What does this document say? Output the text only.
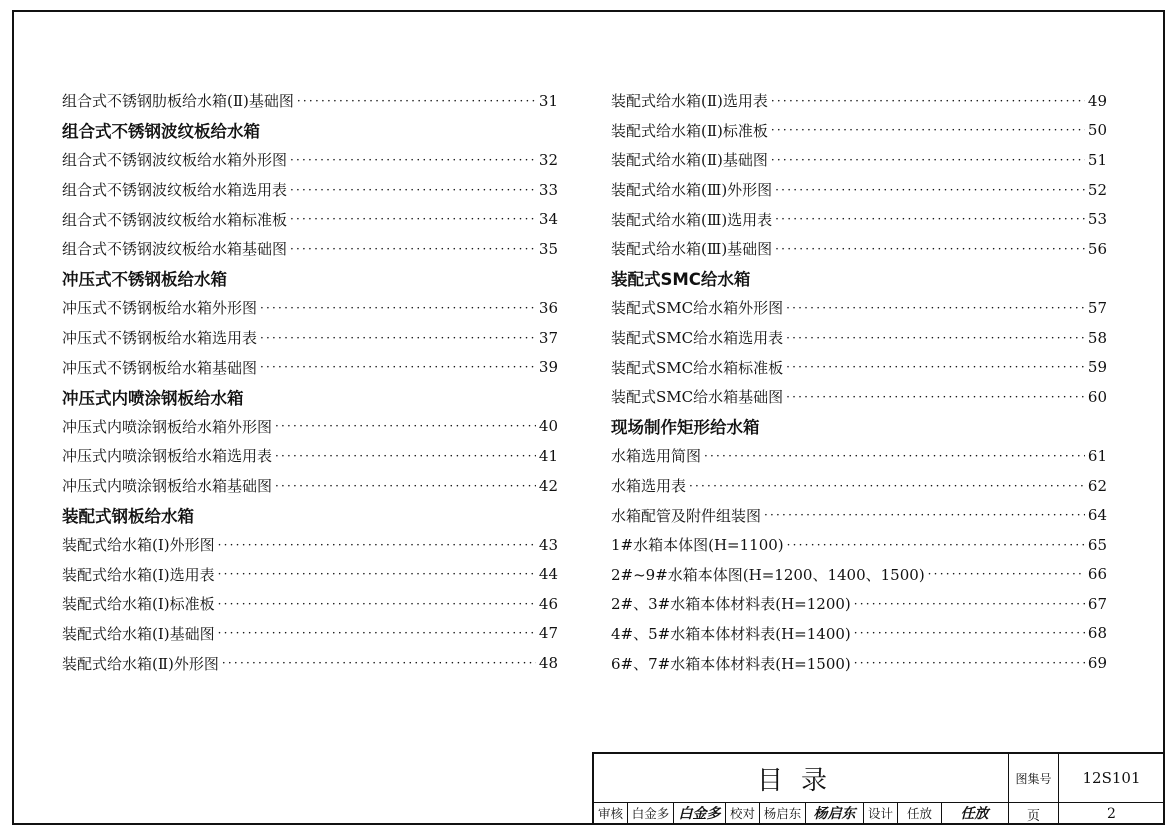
组合式不锈钢肋板给水箱(Ⅱ)基础图 ·····	31
组合式不锈钢波纹板给水箱
组合式不锈钢波纹板给水箱外形图 ·····	32
组合式不锈钢波纹板给水箱选用表 ·····	33
组合式不锈钢波纹板给水箱标准板 ·····	34
组合式不锈钢波纹板给水箱基础图 ·····	35
冲压式不锈钢板给水箱
冲压式不锈钢板给水箱外形图 ·····	36
冲压式不锈钢板给水箱选用表 ·····	37
冲压式不锈钢板给水箱基础图 ·····	39
冲压式内喷涂钢板给水箱
冲压式内喷涂钢板给水箱外形图 ·····	40
冲压式内喷涂钢板给水箱选用表 ·····	41
冲压式内喷涂钢板给水箱基础图 ·····	42
装配式钢板给水箱
装配式给水箱(Ⅰ)外形图 ·····	43
装配式给水箱(Ⅰ)选用表 ·····	44
装配式给水箱(Ⅰ)标准板 ·····	46
装配式给水箱(Ⅰ)基础图 ·····	47
装配式给水箱(Ⅱ)外形图 ·····	48
装配式给水箱(Ⅱ)选用表 ·····	49
装配式给水箱(Ⅱ)标准板 ·····	50
装配式给水箱(Ⅱ)基础图 ·····	51
装配式给水箱(Ⅲ)外形图 ·····	52
装配式给水箱(Ⅲ)选用表 ·····	53
装配式给水箱(Ⅲ)基础图 ·····	56
装配式SMC给水箱
装配式SMC给水箱外形图 ·····	57
装配式SMC给水箱选用表 ·····	58
装配式SMC给水箱标准板 ·····	59
装配式SMC给水箱基础图 ·····	60
现场制作矩形给水箱
水箱选用简图 ·····	61
水箱选用表 ·····	62
水箱配管及附件组装图 ·····	64
1#水箱本体图(H=1100) ·····	65
2#~9#水箱本体图(H=1200、1400、1500) ·····	66
2#、3#水箱本体材料表(H=1200) ·····	67
4#、5#水箱本体材料表(H=1400) ·····	68
6#、7#水箱本体材料表(H=1500) ·····	69
目录	图集号	12S101
页	2
审核 白金多 白金多 校对 杨启东 杨启东 设计	任放	任放
